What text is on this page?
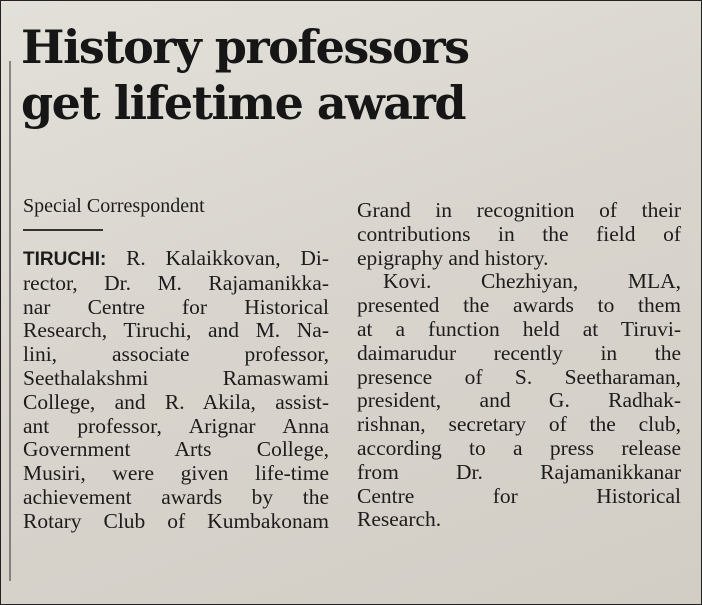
History professors
get lifetime award
Special Correspondent
TIRUCHI: R. Kalaikkovan, Di-
rector, Dr. M. Rajamanikka-
nar Centre for Historical
Research, Tiruchi, and M. Na-
lini, associate professor,
Seethalakshmi Ramaswami
College, and R. Akila, assist-
ant professor, Arignar Anna
Government Arts College,
Musiri, were given life-time
achievement awards by the
Rotary Club of Kumbakonam
Grand in recognition of their
contributions in the field of
epigraphy and history.
Kovi. Chezhiyan, MLA,
presented the awards to them
at a function held at Tiruvi-
daimarudur recently in the
presence of S. Seetharaman,
president, and G. Radhak-
rishnan, secretary of the club,
according to a press release
from Dr. Rajamanikkanar
Centre for Historical
Research.
